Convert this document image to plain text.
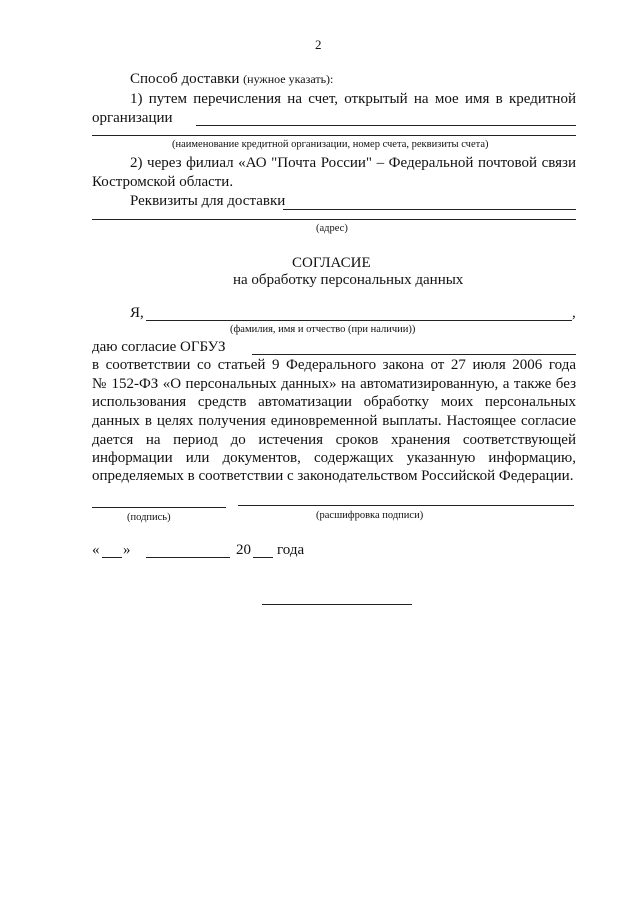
2
Способ доставки (нужное указать):
1) путем перечисления на счет, открытый на мое имя в кредитной
организации
(наименование кредитной организации, номер счета, реквизиты счета)
2) через филиал «АО "Почта России" – Федеральной почтовой связи
Костромской области.
Реквизиты для доставки
(адрес)
СОГЛАСИЕ
на обработку персональных данных
Я,	,
(фамилия, имя и отчество (при наличии))
даю согласие ОГБУЗ
в соответствии со статьей 9 Федерального закона от 27 июля 2006 года
№ 152-ФЗ «О персональных данных» на автоматизированную, а также без
использования средств автоматизации обработку моих персональных
данных в целях получения единовременной выплаты. Настоящее согласие
дается на период до истечения сроков хранения соответствующей
информации или документов, содержащих указанную информацию,
определяемых в соответствии с законодательством Российской Федерации.
(подпись)	(расшифровка подписи)
« »	20 года
